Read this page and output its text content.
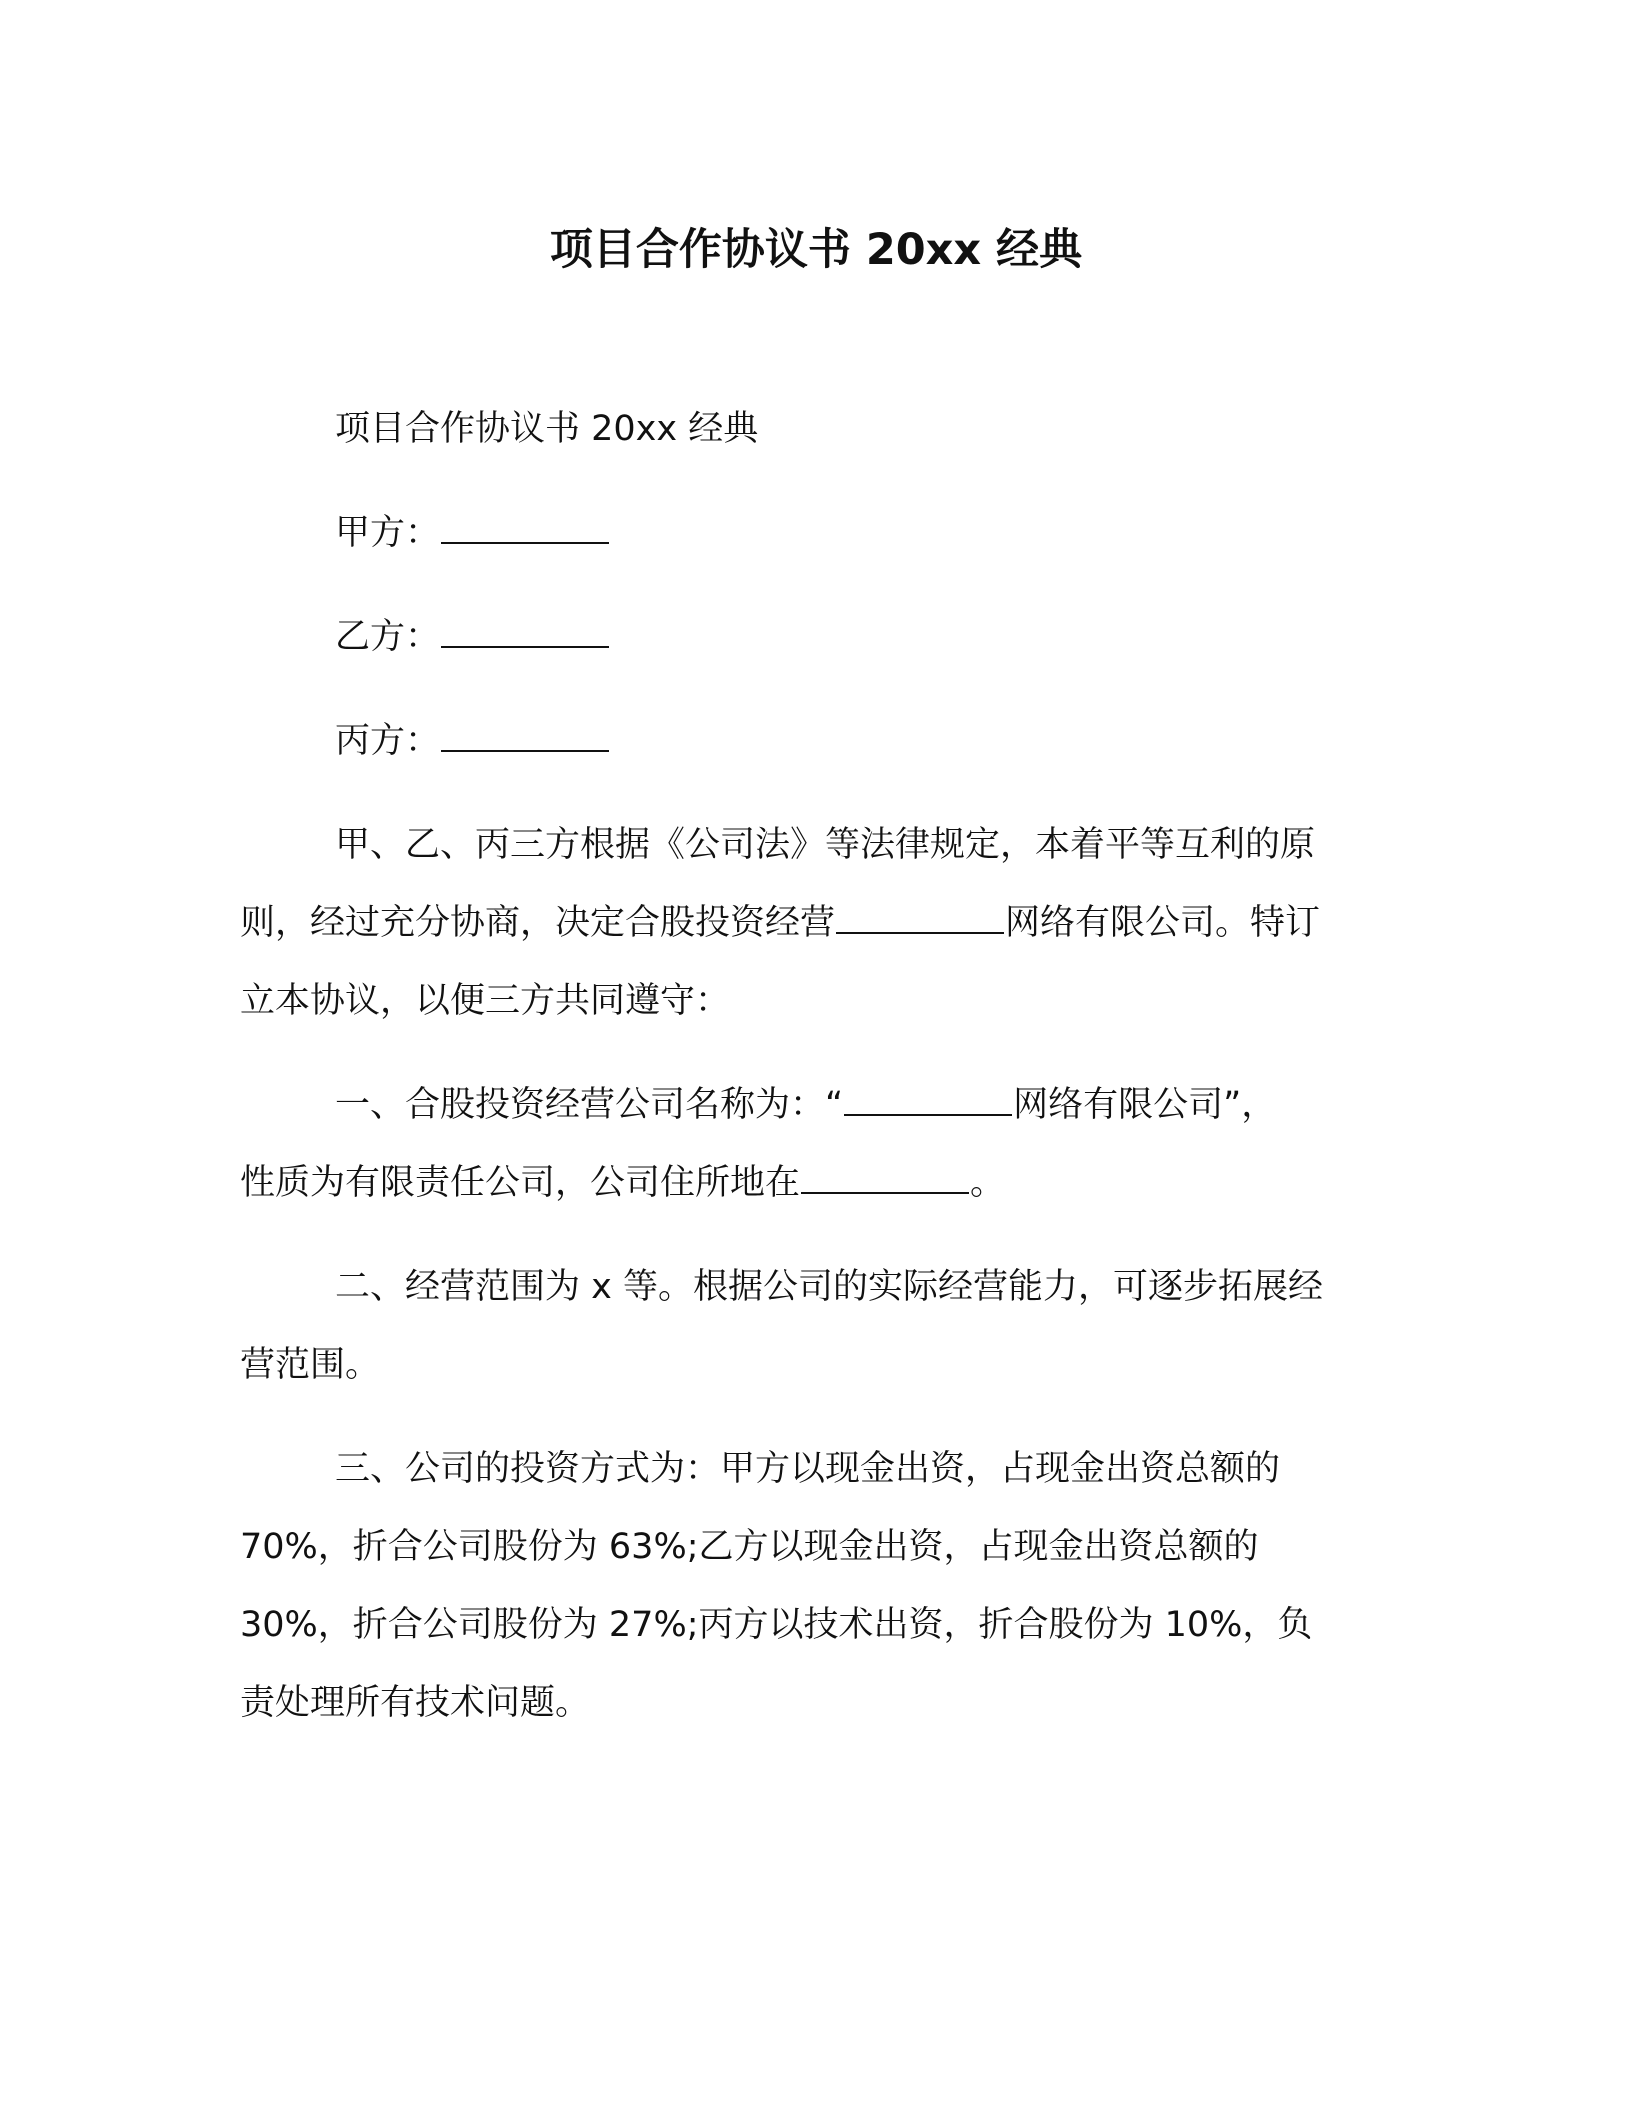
项目合作协议书 20xx 经典
项目合作协议书 20xx 经典
甲方：
乙方：
丙方：
甲、乙、丙三方根据《公司法》等法律规定，本着平等互利的原
则，经过充分协商，决定合股投资经营	网络有限公司。特订
立本协议，以便三方共同遵守：
一、合股投资经营公司名称为：“	网络有限公司”，
性质为有限责任公司，公司住所地在	。
二、经营范围为 x 等。根据公司的实际经营能力，可逐步拓展经
营范围。
三、公司的投资方式为：甲方以现金出资，占现金出资总额的
70%，折合公司股份为 63%;乙方以现金出资，占现金出资总额的
30%，折合公司股份为 27%;丙方以技术出资，折合股份为 10%，负
责处理所有技术问题。
